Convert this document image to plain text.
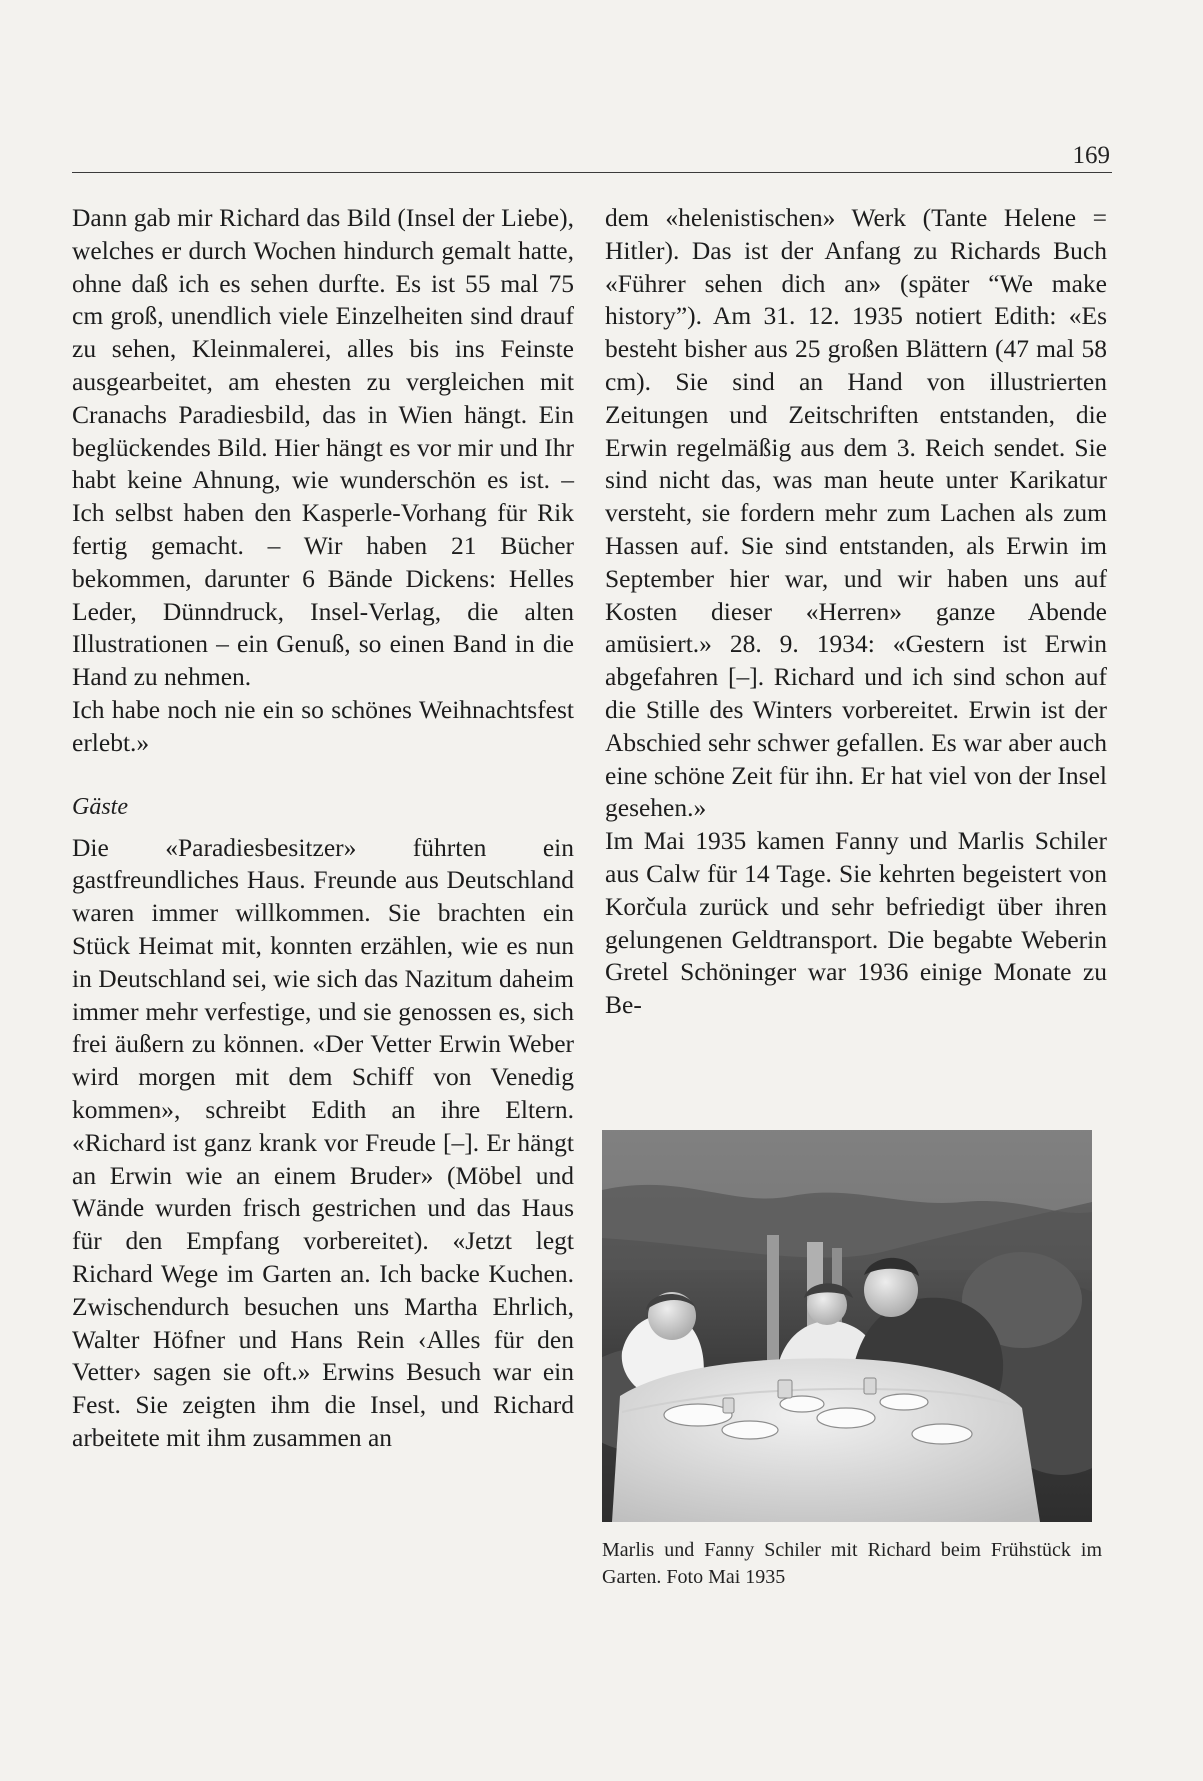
169

Dann gab mir Richard das Bild (Insel der Liebe), welches er durch Wochen hindurch gemalt hatte, ohne daß ich es sehen durfte. Es ist 55 mal 75 cm groß, unendlich viele Einzelheiten sind drauf zu sehen, Kleinmalerei, alles bis ins Feinste ausgearbeitet, am ehesten zu vergleichen mit Cranachs Paradiesbild, das in Wien hängt. Ein beglückendes Bild. Hier hängt es vor mir und Ihr habt keine Ahnung, wie wunderschön es ist. – Ich selbst haben den Kasperle-Vorhang für Rik fertig gemacht. – Wir haben 21 Bücher bekommen, darunter 6 Bände Dickens: Helles Leder, Dünndruck, Insel-Verlag, die alten Illustrationen – ein Genuß, so einen Band in die Hand zu nehmen.

Ich habe noch nie ein so schönes Weihnachtsfest erlebt.»

Gäste

Die «Paradiesbesitzer» führten ein gastfreundliches Haus. Freunde aus Deutschland waren immer willkommen. Sie brachten ein Stück Heimat mit, konnten erzählen, wie es nun in Deutschland sei, wie sich das Nazitum daheim immer mehr verfestige, und sie genossen es, sich frei äußern zu können. «Der Vetter Erwin Weber wird morgen mit dem Schiff von Venedig kommen», schreibt Edith an ihre Eltern. «Richard ist ganz krank vor Freude [–]. Er hängt an Erwin wie an einem Bruder» (Möbel und Wände wurden frisch gestrichen und das Haus für den Empfang vorbereitet). «Jetzt legt Richard Wege im Garten an. Ich backe Kuchen. Zwischendurch besuchen uns Martha Ehrlich, Walter Höfner und Hans Rein ‹Alles für den Vetter› sagen sie oft.» Erwins Besuch war ein Fest. Sie zeigten ihm die Insel, und Richard arbeitete mit ihm zusammen an

dem «helenistischen» Werk (Tante Helene = Hitler). Das ist der Anfang zu Richards Buch «Führer sehen dich an» (später “We make history”). Am 31. 12. 1935 notiert Edith: «Es besteht bisher aus 25 großen Blättern (47 mal 58 cm). Sie sind an Hand von illustrierten Zeitungen und Zeitschriften entstanden, die Erwin regelmäßig aus dem 3. Reich sendet. Sie sind nicht das, was man heute unter Karikatur versteht, sie fordern mehr zum Lachen als zum Hassen auf. Sie sind entstanden, als Erwin im September hier war, und wir haben uns auf Kosten dieser «Herren» ganze Abende amüsiert.» 28. 9. 1934: «Gestern ist Erwin abgefahren [–]. Richard und ich sind schon auf die Stille des Winters vorbereitet. Erwin ist der Abschied sehr schwer gefallen. Es war aber auch eine schöne Zeit für ihn. Er hat viel von der Insel gesehen.»

Im Mai 1935 kamen Fanny und Marlis Schiler aus Calw für 14 Tage. Sie kehrten begeistert von Korčula zurück und sehr befriedigt über ihren gelungenen Geldtransport. Die begabte Weberin Gretel Schöninger war 1936 einige Monate zu Be-

Marlis und Fanny Schiler mit Richard beim Frühstück im Garten. Foto Mai 1935
